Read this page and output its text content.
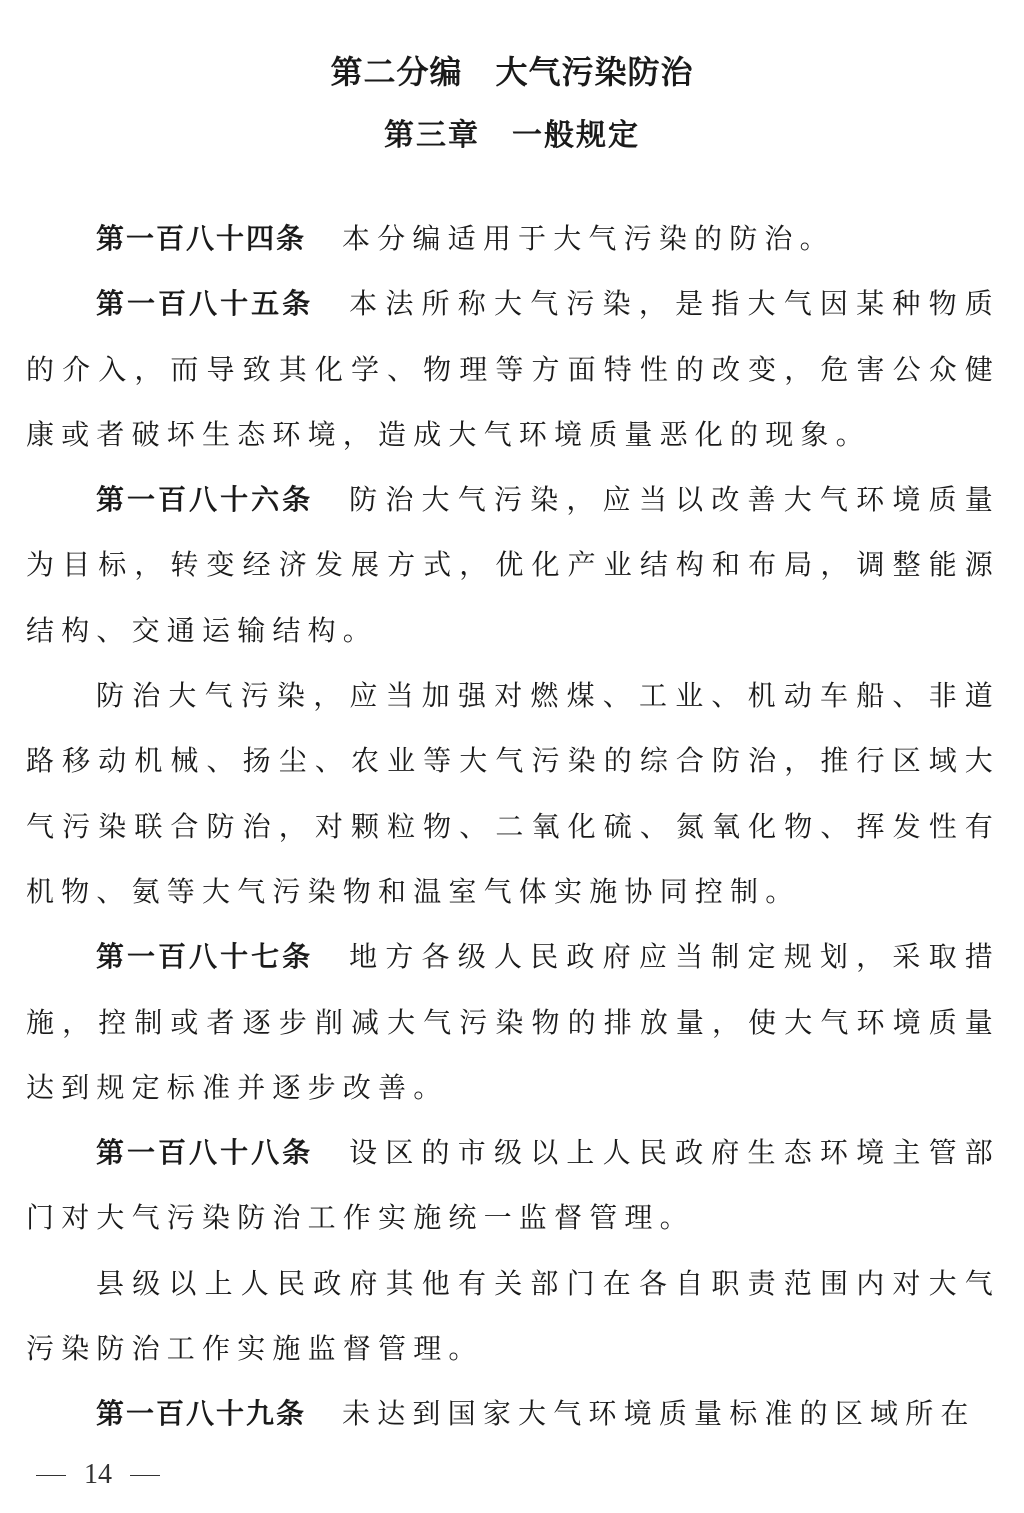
第二分编　大气污染防治
第三章　一般规定

第一百八十四条 本分编适用于大气污染的防治。

第一百八十五条 本法所称大气污染，是指大气因某种物质的介入，而导致其化学、物理等方面特性的改变，危害公众健康或者破坏生态环境，造成大气环境质量恶化的现象。

第一百八十六条 防治大气污染，应当以改善大气环境质量为目标，转变经济发展方式，优化产业结构和布局，调整能源结构、交通运输结构。

防治大气污染，应当加强对燃煤、工业、机动车船、非道路移动机械、扬尘、农业等大气污染的综合防治，推行区域大气污染联合防治，对颗粒物、二氧化硫、氮氧化物、挥发性有机物、氨等大气污染物和温室气体实施协同控制。

第一百八十七条 地方各级人民政府应当制定规划，采取措施，控制或者逐步削减大气污染物的排放量，使大气环境质量达到规定标准并逐步改善。

第一百八十八条 设区的市级以上人民政府生态环境主管部门对大气污染防治工作实施统一监督管理。

县级以上人民政府其他有关部门在各自职责范围内对大气污染防治工作实施监督管理。

第一百八十九条 未达到国家大气环境质量标准的区域所在

14
